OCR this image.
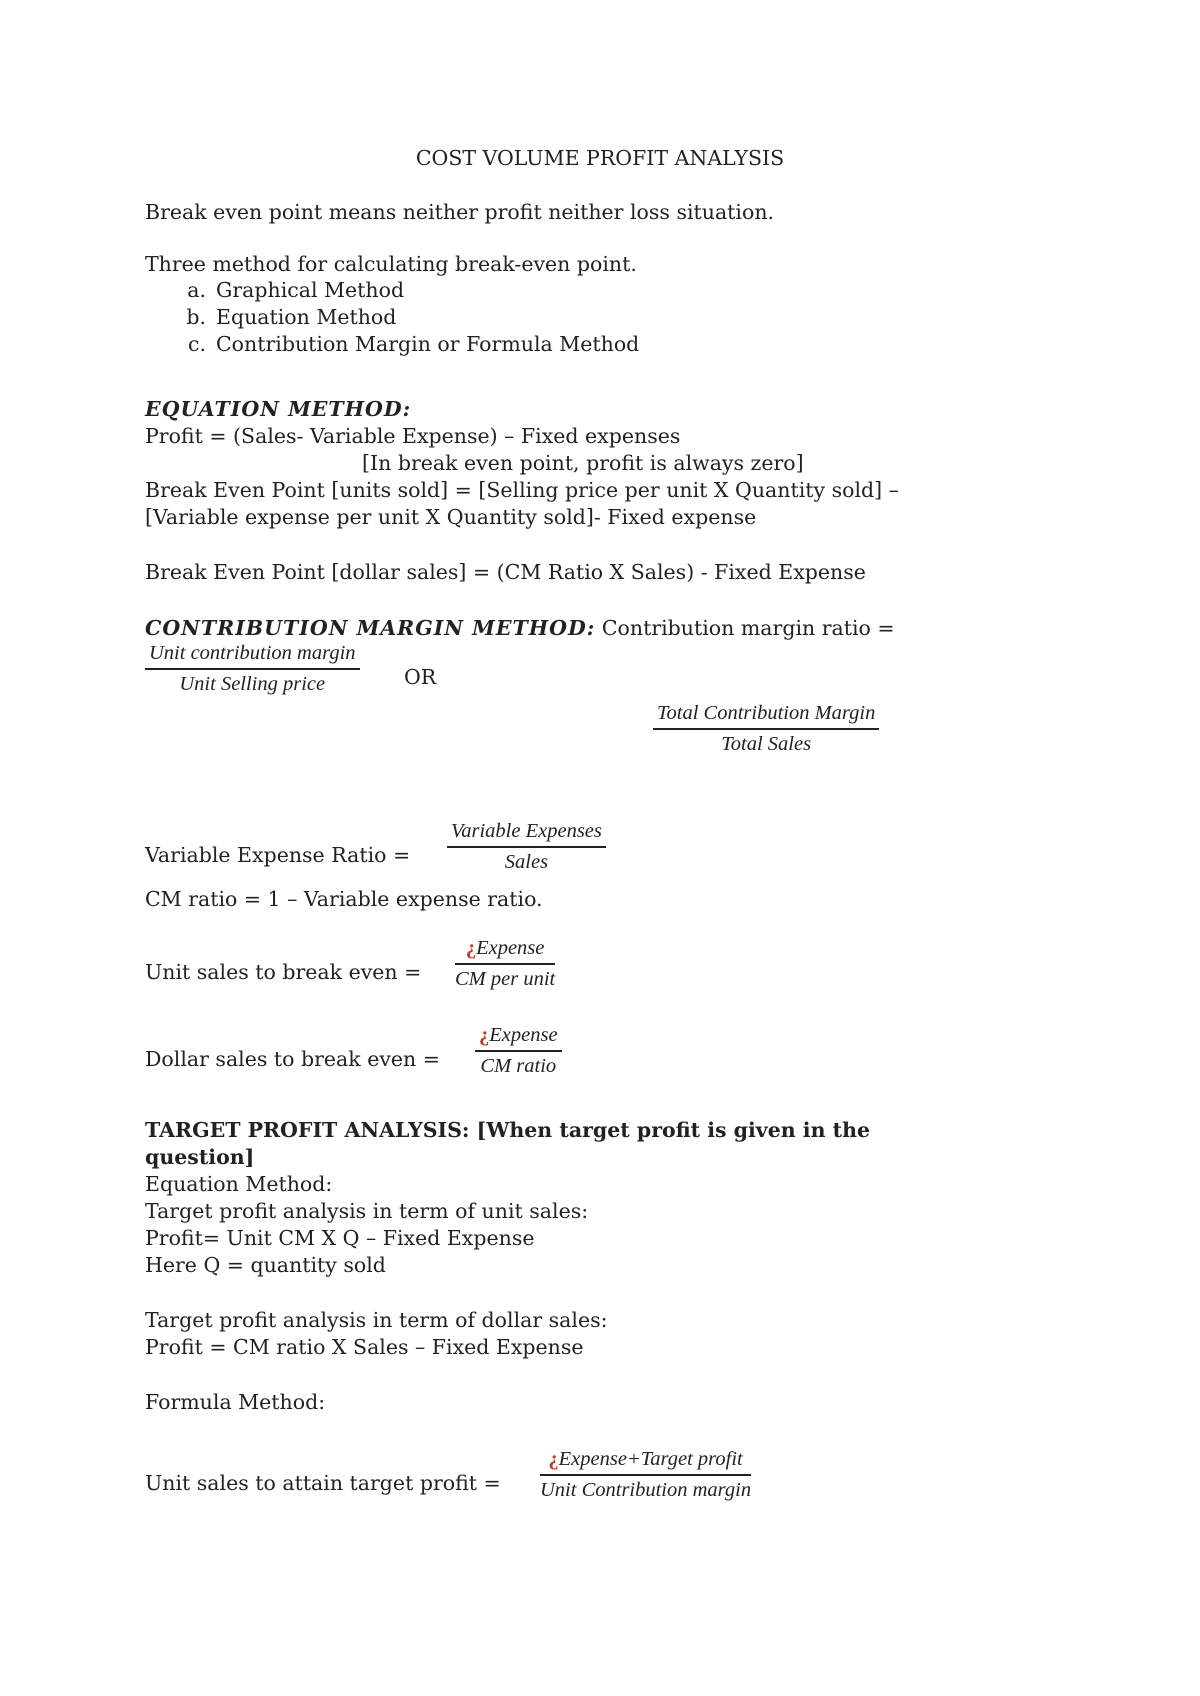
COST VOLUME PROFIT ANALYSIS
Break even point means neither profit neither loss situation.
Three method for calculating break-even point.
a. Graphical Method
b. Equation Method
c. Contribution Margin or Formula Method
EQUATION METHOD:
Profit = (Sales- Variable Expense) – Fixed expenses
[In break even point, profit is always zero]
Break Even Point [units sold] = [Selling price per unit X Quantity sold] –
[Variable expense per unit X Quantity sold]- Fixed expense
Break Even Point [dollar sales] = (CM Ratio X Sales) - Fixed Expense
CONTRIBUTION MARGIN METHOD: Contribution margin ratio =
Unit contribution margin
Unit Selling price	OR
Total Contribution Margin
Total Sales
Variable Expense Ratio =
Variable Expenses
Sales
CM ratio = 1 – Variable expense ratio.
Unit sales to break even =
¿Expense
CM per unit
Dollar sales to break even =
¿Expense
CM ratio
TARGET PROFIT ANALYSIS: [When target profit is given in the
question]
Equation Method:
Target profit analysis in term of unit sales:
Profit= Unit CM X Q – Fixed Expense
Here Q = quantity sold
Target profit analysis in term of dollar sales:
Profit = CM ratio X Sales – Fixed Expense
Formula Method:
Unit sales to attain target profit =
¿Expense+Target profit
Unit Contribution margin
